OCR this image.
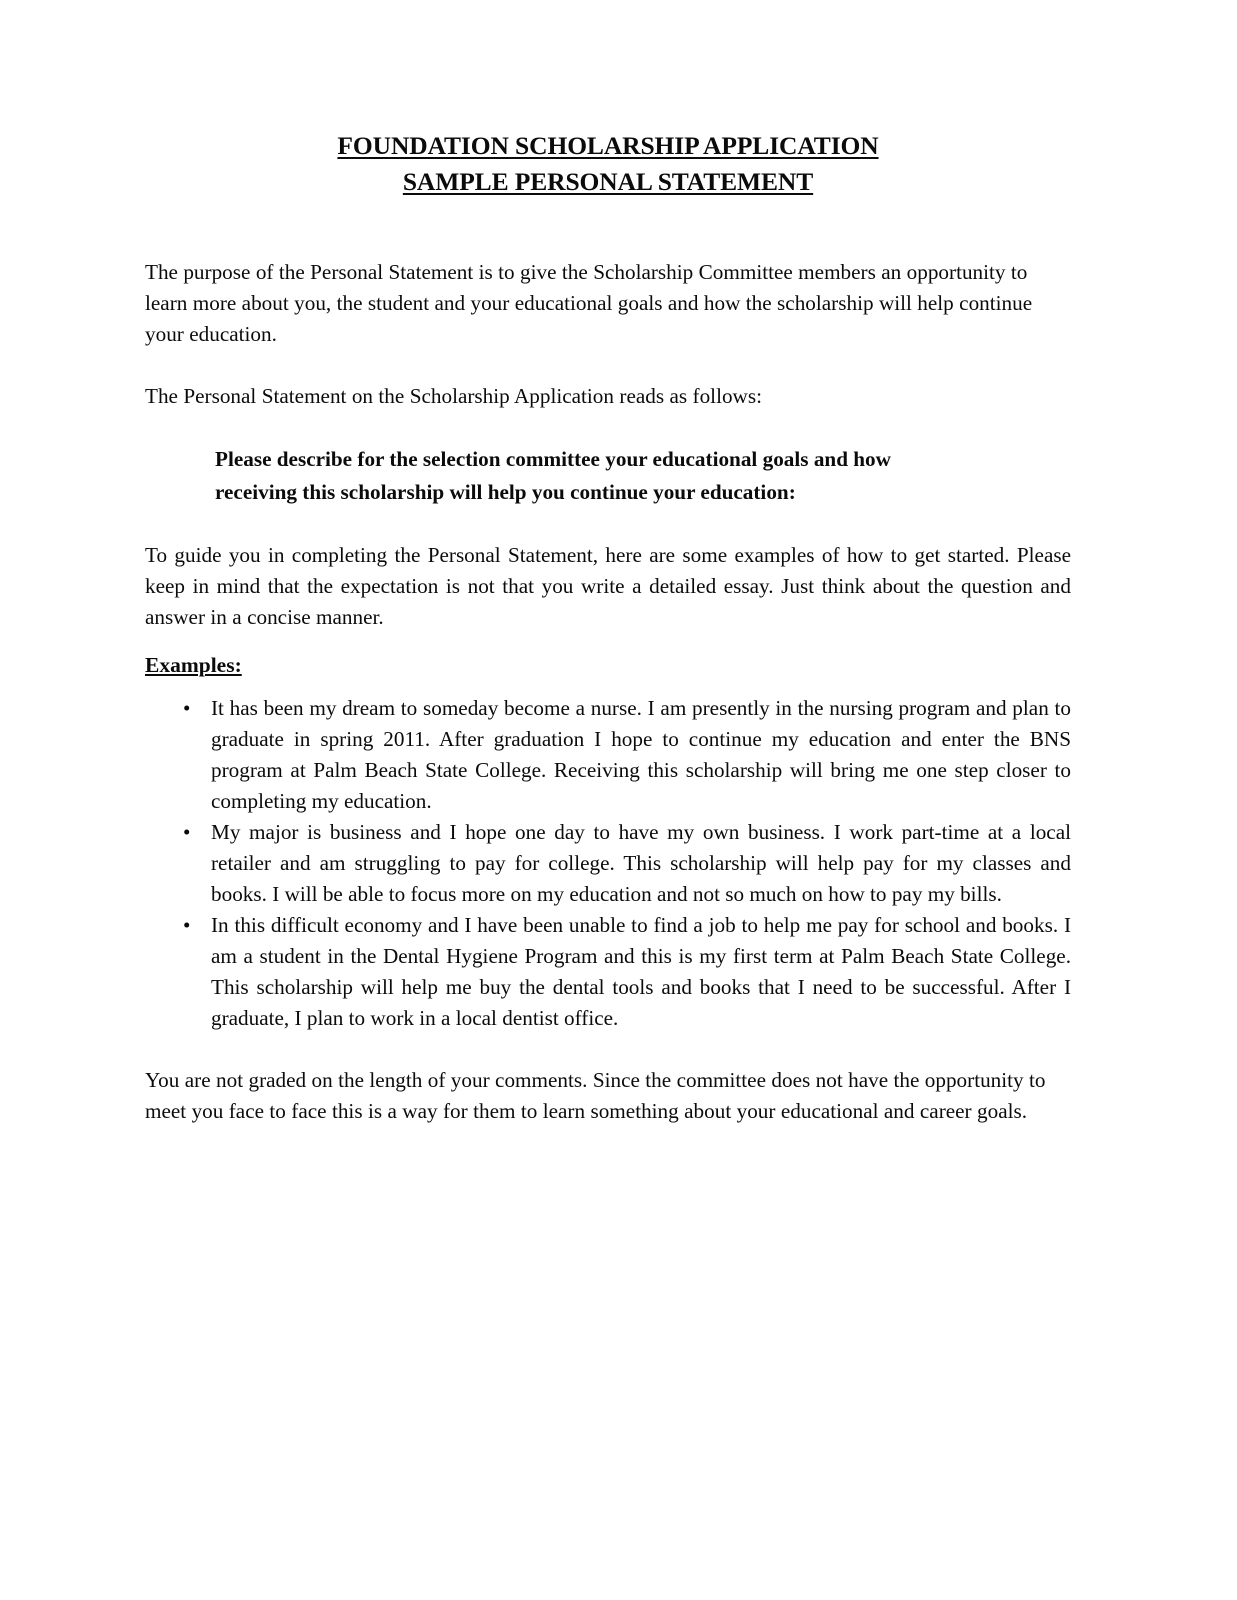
FOUNDATION SCHOLARSHIP APPLICATION
SAMPLE PERSONAL STATEMENT

The purpose of the Personal Statement is to give the Scholarship Committee members an opportunity to learn more about you, the student and your educational goals and how the scholarship will help continue your education.

The Personal Statement on the Scholarship Application reads as follows:

Please describe for the selection committee your educational goals and how receiving this scholarship will help you continue your education:

To guide you in completing the Personal Statement, here are some examples of how to get started. Please keep in mind that the expectation is not that you write a detailed essay. Just think about the question and answer in a concise manner.

Examples:

• It has been my dream to someday become a nurse. I am presently in the nursing program and plan to graduate in spring 2011. After graduation I hope to continue my education and enter the BNS program at Palm Beach State College. Receiving this scholarship will bring me one step closer to completing my education.
• My major is business and I hope one day to have my own business. I work part-time at a local retailer and am struggling to pay for college. This scholarship will help pay for my classes and books. I will be able to focus more on my education and not so much on how to pay my bills.
• In this difficult economy and I have been unable to find a job to help me pay for school and books. I am a student in the Dental Hygiene Program and this is my first term at Palm Beach State College. This scholarship will help me buy the dental tools and books that I need to be successful. After I graduate, I plan to work in a local dentist office.

You are not graded on the length of your comments. Since the committee does not have the opportunity to meet you face to face this is a way for them to learn something about your educational and career goals.
